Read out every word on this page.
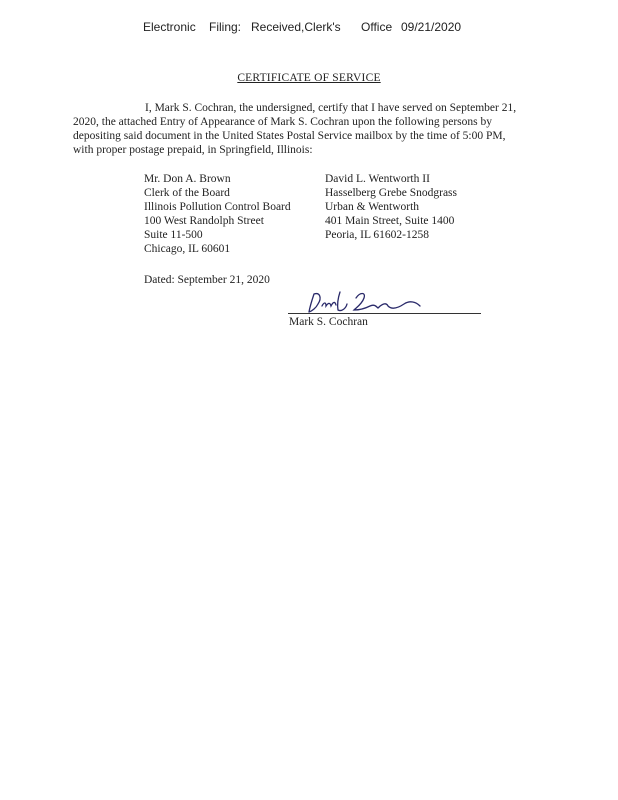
Electronic	Filing: Received,Clerk's	Office 09/21/2020
CERTIFICATE OF SERVICE

I, Mark S. Cochran, the undersigned, certify that I have served on September 21,
2020, the attached Entry of Appearance of Mark S. Cochran upon the following persons by
depositing said document in the United States Postal Service mailbox by the time of 5:00 PM,
with proper postage prepaid, in Springfield, Illinois:

Mr. Don A. Brown
Clerk of the Board
Illinois Pollution Control Board
100 West Randolph Street
Suite 11-500
Chicago, IL 60601
David L. Wentworth II
Hasselberg Grebe Snodgrass
Urban & Wentworth
401 Main Street, Suite 1400
Peoria, IL 61602-1258

Dated: September 21, 2020

Mark S. Cochran
